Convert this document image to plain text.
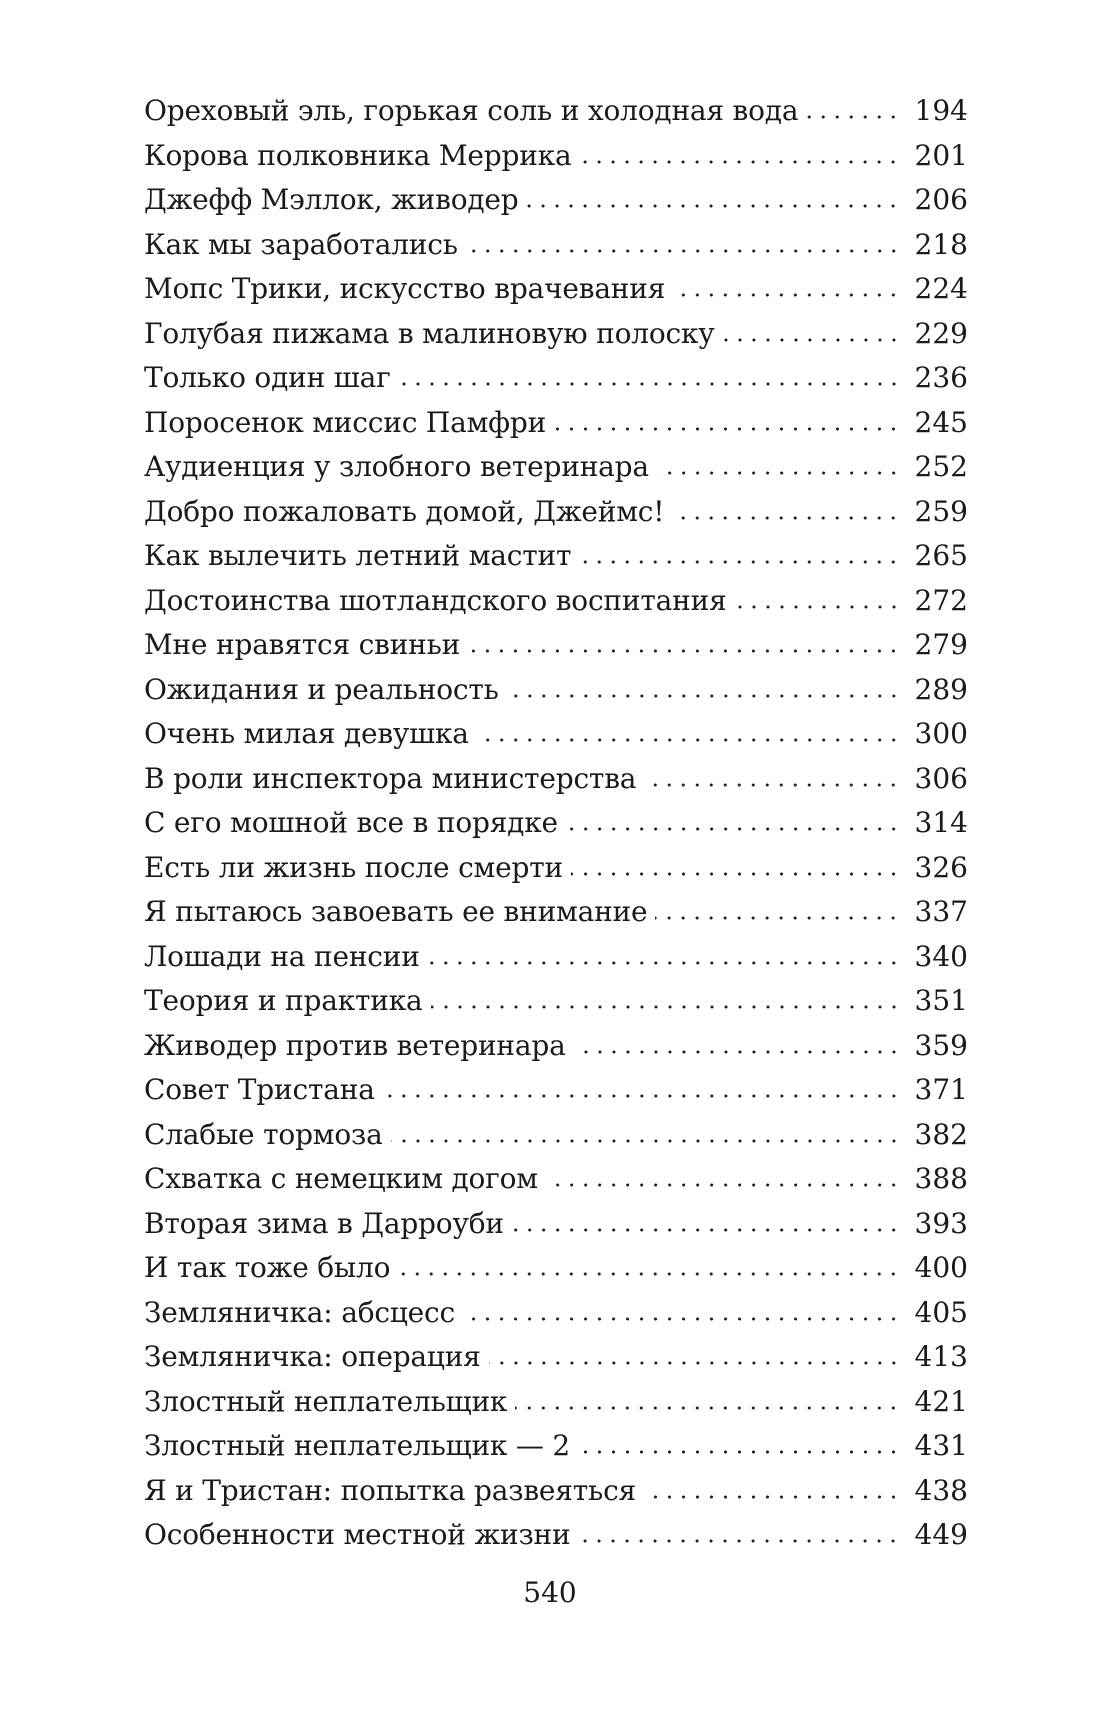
Ореховый эль, горькая соль и холодная вода	194
Корова полковника Меррика	201
Джефф Мэллок, живодер	206
Как мы заработались	218
Мопс Трики, искусство врачевания	224
Голубая пижама в малиновую полоску	229
Только один шаг	236
Поросенок миссис Памфри	245
Аудиенция у злобного ветеринара	252
Добро пожаловать домой, Джеймс!	259
Как вылечить летний мастит	265
Достоинства шотландского воспитания	272
Мне нравятся свиньи	279
Ожидания и реальность	289
Очень милая девушка	300
В роли инспектора министерства	306
С его мошной все в порядке	314
Есть ли жизнь после смерти	326
Я пытаюсь завоевать ее внимание	337
Лошади на пенсии	340
Теория и практика	351
Живодер против ветеринара	359
Совет Тристана	371
Слабые тормоза	382
Схватка с немецким догом	388
Вторая зима в Дарроуби	393
И так тоже было	400
Земляничка: абсцесс	405
Земляничка: операция	413
Злостный неплательщик	421
Злостный неплательщик — 2	431
Я и Тристан: попытка развеяться	438
Особенности местной жизни	449
540
